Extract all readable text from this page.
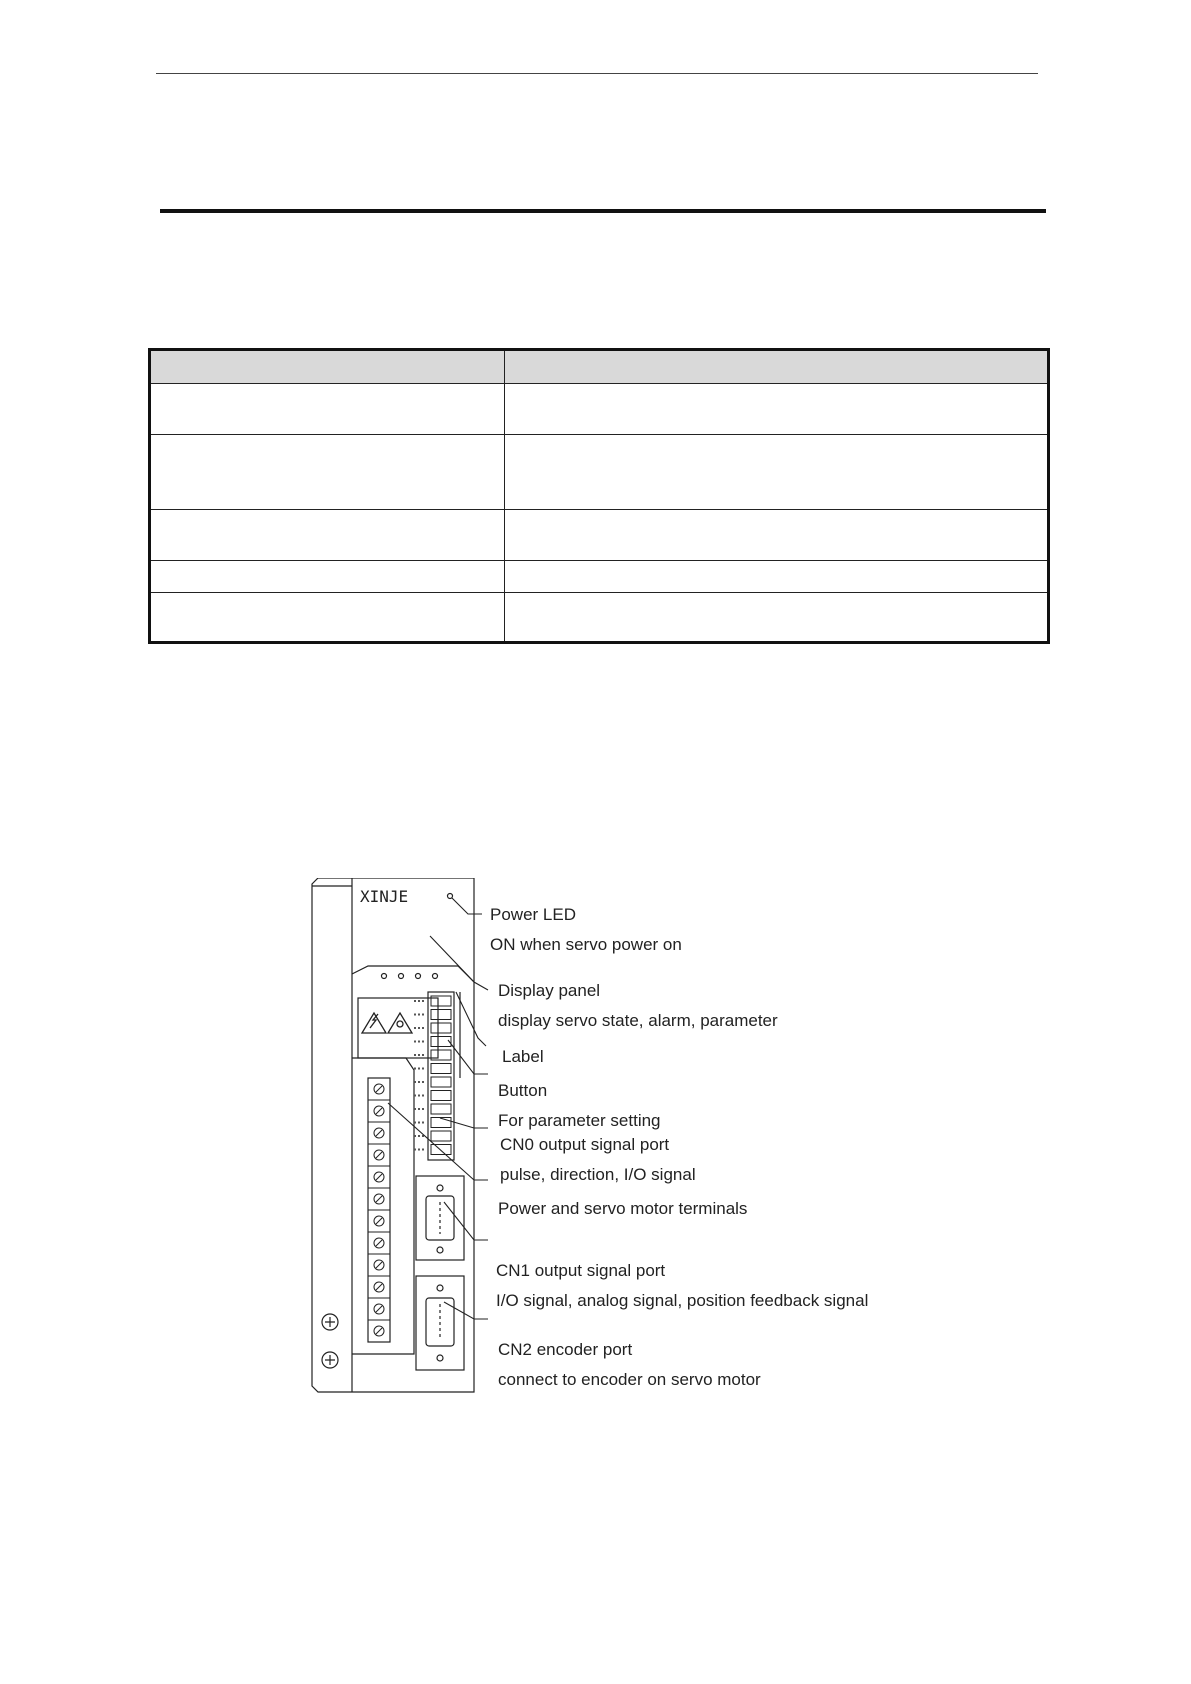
XINJE
Power LED
ON when servo power on
Display panel
display servo state, alarm, parameter
Label
Button
For parameter setting
CN0 output signal port
pulse, direction, I/O signal
Power and servo motor terminals
CN1 output signal port
I/O signal, analog signal, position feedback signal
CN2 encoder port
connect to encoder on servo motor
